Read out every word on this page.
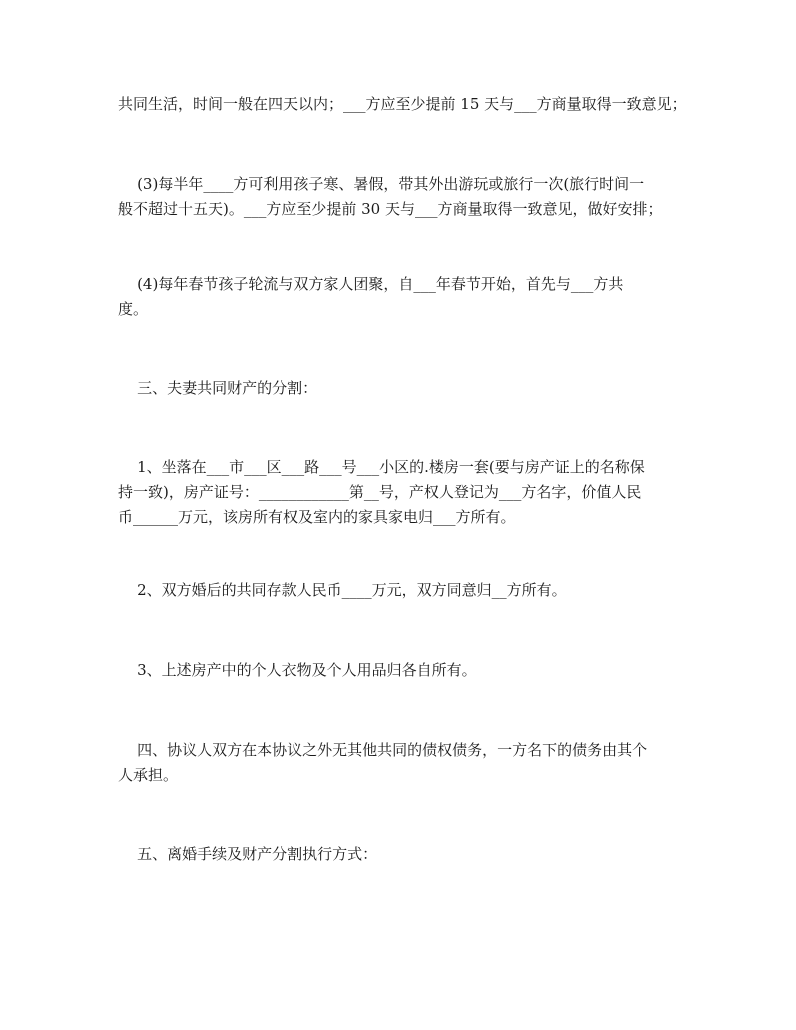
共同生活，时间一般在四天以内；___方应至少提前 15 天与___方商量取得一致意见；

(3)每半年____方可利用孩子寒、暑假，带其外出游玩或旅行一次(旅行时间一
般不超过十五天)。___方应至少提前 30 天与___方商量取得一致意见，做好安排；

(4)每年春节孩子轮流与双方家人团聚，自___年春节开始，首先与___方共
度。

三、夫妻共同财产的分割：

1、坐落在___市___区___路___号___小区的.楼房一套(要与房产证上的名称保
持一致)，房产证号：____________第__号，产权人登记为___方名字，价值人民
币______万元，该房所有权及室内的家具家电归___方所有。

2、双方婚后的共同存款人民币____万元，双方同意归__方所有。

3、上述房产中的个人衣物及个人用品归各自所有。

四、协议人双方在本协议之外无其他共同的债权债务，一方名下的债务由其个
人承担。

五、离婚手续及财产分割执行方式：
